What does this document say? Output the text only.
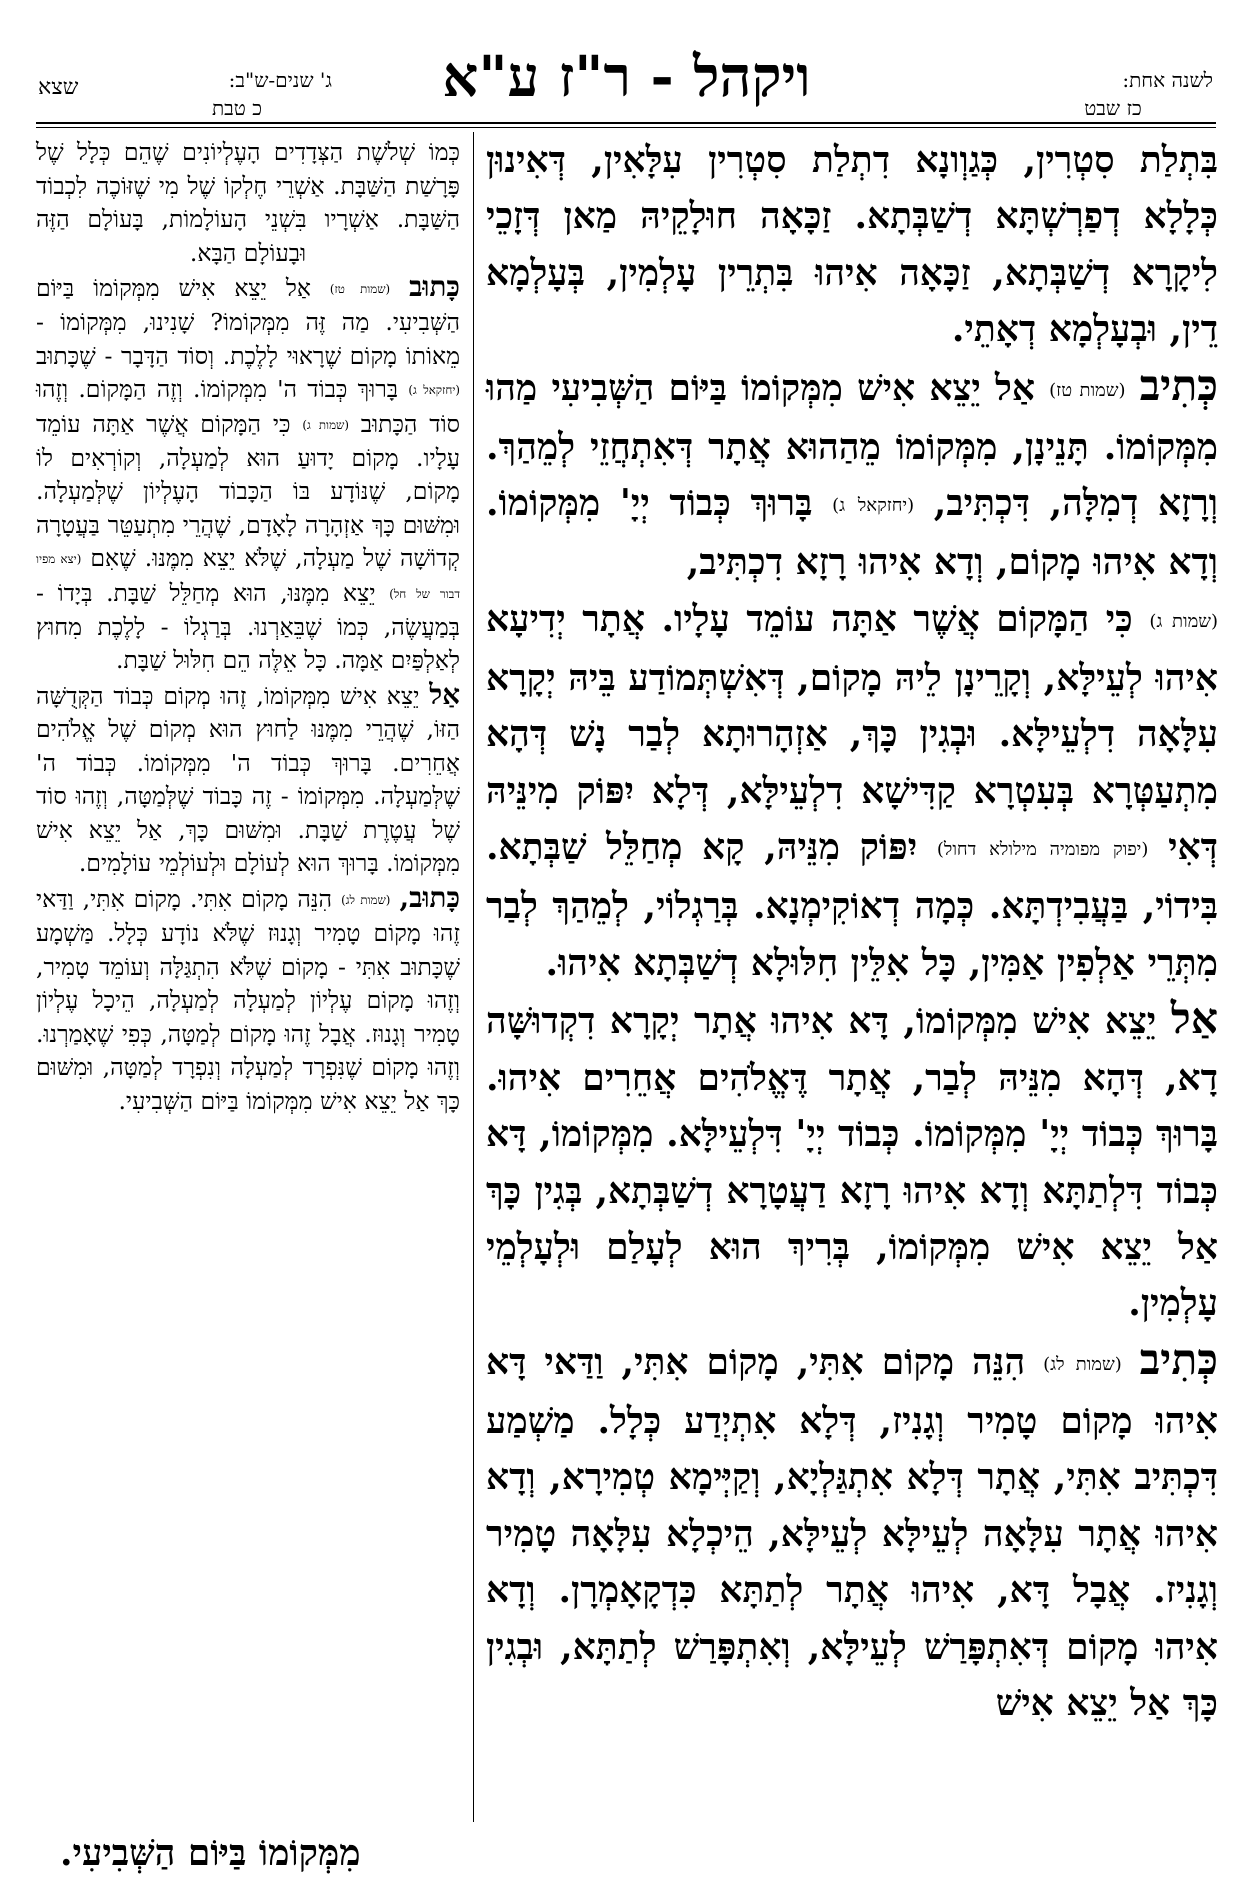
שצא	ג' שנים-ש"ב:
כ טבת	ויקהל - ר"ז ע"א	לשנה אחת:
כז שבט

בִּתְלַת סִטְרִין, כְּגַוְונָא דִתְלַת סִטְרִין עִלָּאִין, דְּאִינוּן כְּלָלָא דְפַרְשְׁתָּא דְשַׁבְּתָא. זַכָּאָה חוּלָקֵיהּ מַאן דְּזָכֵי לִיקָרָא דְשַׁבְּתָא, זַכָּאָה אִיהוּ בִּתְרֵין עָלְמִין, בְּעָלְמָא דֵין, וּבְעָלְמָא דְאָתֵי.

כְּתִיב (שמות טז) אַל יֵצֵא אִישׁ מִמְּקוֹמוֹ בַּיּוֹם הַשְּׁבִיעִי מַהוּ מִמְּקוֹמוֹ. תָּנֵינָן, מִמְּקוֹמוֹ מֵהַהוּא אֲתָר דְּאִתְחֲזֵי לְמֵהַךְ. וְרָזָא דְמִלָּה, דִּכְתִּיב, (יחזקאל ג) בָּרוּךְ כְּבוֹד יְיָ' מִמְּקוֹמוֹ. וְדָא אִיהוּ מָקוֹם, וְדָא אִיהוּ רָזָא דִכְתִּיב,
(שמות ג) כִּי הַמָּקוֹם אֲשֶׁר אַתָּה עוֹמֵד עָלָיו. אֲתָר יְדִיעָא אִיהוּ לְעֵילָּא, וְקָרֵינָן לֵיהּ מָקוֹם, דְּאִשְׁתְּמוֹדַע בֵּיהּ יְקָרָא עִלָּאָה דִלְעֵילָּא. וּבְגִין כָּךְ, אַזְהָרוּתָא לְבַר נָשׁ דְּהָא מִתְעַטְּרָא בְּעִטְרָא קַדִּישָׁא דִלְעֵילָּא, דְּלָא יִפּוֹק מִינֵּיהּ דְּאִי (יפוק מפומיה מילולא דחול) יִפּוֹק מִנֵּיהּ, קָא מְחַלֵּל שַׁבְּתָא. בִּידוֹי, בַּעֲבִידְתָּא. כְּמָה דְאוֹקִימְנָא. בְּרַגְלוֹי, לְמֵהַךְ לְבַר מִתְּרֵי אַלְפִין אַמִּין, כָּל אִלֵּין חִלּוּלָא דְשַׁבְּתָא אִיהוּ.

אַל יֵצֵא אִישׁ מִמְּקוֹמוֹ, דָּא אִיהוּ אֲתָר יְקָרָא דִקְדוּשָּׁה דָא, דְּהָא מִנֵּיהּ לְבַר, אֲתָר דֶּאֱלֹהִים אֲחֵרִים אִיהוּ. בָּרוּךְ כְּבוֹד יְיָ' מִמְּקוֹמוֹ. כְּבוֹד יְיָ' דִּלְעֵילָּא. מִמְּקוֹמוֹ, דָּא כְּבוֹד דִּלְתַתָּא וְדָא אִיהוּ רָזָא דַעֲטָרָא דְשַׁבְּתָא, בְּגִין כָּךְ אַל יֵצֵא אִישׁ מִמְּקוֹמוֹ, בְּרִיךְ הוּא לְעָלַם וּלְעָלְמֵי עָלְמִין.

כְּתִיב (שמות לג) הִנֵּה מָקוֹם אִתִּי, מָקוֹם אִתִּי, וַדַּאי דָּא אִיהוּ מָקוֹם טָמִיר וְגָנִיז, דְּלָא אִתְיְדַע כְּלָל. מַשְׁמַע דִּכְתִּיב אִתִּי, אֲתָר דְּלָא אִתְגַּלְיָא, וְקַיְּימָא טְמִירָא, וְדָא אִיהוּ אֲתָר עִלָּאָה לְעֵילָּא לְעֵילָּא, הֵיכְלָא עִלָּאָה טָמִיר וְגָנִיז. אֲבָל דָּא, אִיהוּ אֲתָר לְתַתָּא כִּדְקָאָמְרָן. וְדָא אִיהוּ מָקוֹם דְּאִתְפָּרַשׁ לְעֵילָּא, וְאִתְפָּרַשׁ לְתַתָּא, וּבְגִין כָּךְ אַל יֵצֵא אִישׁ

כְּמוֹ שְׁלֹשֶׁת הַצְּדָדִים הָעֶלְיוֹנִים שֶׁהֵם כְּלָל שֶׁל פָּרָשַׁת הַשַּׁבָּת. אַשְׁרֵי חֶלְקוֹ שֶׁל מִי שֶׁזּוֹכֶה לִכְבוֹד הַשַּׁבָּת. אַשְׁרָיו בִּשְׁנֵי הָעוֹלָמוֹת, בָּעוֹלָם הַזֶּה וּבָעוֹלָם הַבָּא.

כָּתוּב (שמות טז) אַל יֵצֵא אִישׁ מִמְּקוֹמוֹ בַּיּוֹם הַשְּׁבִיעִי. מַה זֶּה מִמְּקוֹמוֹ? שָׁנִינוּ, מִמְּקוֹמוֹ - מֵאוֹתוֹ מָקוֹם שֶׁרָאוּי לָלֶכֶת. וְסוֹד הַדָּבָר - שֶׁכָּתוּב (יחזקאל ג) בָּרוּךְ כְּבוֹד ה' מִמְּקוֹמוֹ. וְזֶה הַמָּקוֹם. וְזֶהוּ סוֹד הַכָּתוּב (שמות ג) כִּי הַמָּקוֹם אֲשֶׁר אַתָּה עוֹמֵד עָלָיו. מָקוֹם יָדוּעַ הוּא לְמַעְלָה, וְקוֹרְאִים לוֹ מָקוֹם, שֶׁנּוֹדָע בּוֹ הַכָּבוֹד הָעֶלְיוֹן שֶׁלְּמַעְלָה. וּמִשּׁוּם כָּךְ אַזְהָרָה לָאָדָם, שֶׁהֲרֵי מִתְעַטֵּר בַּעֲטָרָה קְדוֹשָׁה שֶׁל מַעְלָה, שֶׁלֹּא יֵצֵא מִמֶּנּוּ. שֶׁאִם (יצא מפיו דבור של חל) יֵצֵא מִמֶּנּוּ, הוּא מְחַלֵּל שַׁבָּת. בְּיָדוֹ - בְּמַעֲשֶׂה, כְּמוֹ שֶׁבֵּאַרְנוּ. בְּרַגְלוֹ - לָלֶכֶת מִחוּץ לְאַלְפַּיִם אַמָּה. כָּל אֵלֶּה הֵם חִלּוּל שַׁבָּת.

אַל יֵצֵא אִישׁ מִמְּקוֹמוֹ, זֶהוּ מְקוֹם כְּבוֹד הַקְּדֻשָּׁה הַזּוֹ, שֶׁהֲרֵי מִמֶּנּוּ לַחוּץ הוּא מְקוֹם שֶׁל אֱלֹהִים אֲחֵרִים. בָּרוּךְ כְּבוֹד ה' מִמְּקוֹמוֹ. כְּבוֹד ה' שֶׁלְּמַעְלָה. מִמְּקוֹמוֹ - זֶה כָּבוֹד שֶׁלְּמַטָּה, וְזֶהוּ סוֹד שֶׁל עֲטֶרֶת שַׁבָּת. וּמִשּׁוּם כָּךְ, אַל יֵצֵא אִישׁ מִמְּקוֹמוֹ. בָּרוּךְ הוּא לְעוֹלָם וּלְעוֹלְמֵי עוֹלָמִים.

כָּתוּב, (שמות לג) הִנֵּה מָקוֹם אִתִּי. מָקוֹם אִתִּי, וַדַּאי זֶהוּ מָקוֹם טָמִיר וְגָנוּז שֶׁלֹּא נוֹדָע כְּלָל. מַּשְׁמָע שֶׁכָּתוּב אִתִּי - מָקוֹם שֶׁלֹּא הִתְגַּלָּה וְעוֹמֵד טָמִיר, וְזֶהוּ מָקוֹם עֶלְיוֹן לְמַעְלָה לְמַעְלָה, הֵיכָל עֶלְיוֹן טָמִיר וְגָנוּז. אֲבָל זֶהוּ מָקוֹם לְמַטָּה, כְּפִי שֶׁאָמַרְנוּ. וְזֶהוּ מָקוֹם שֶׁנִּפְרָד לְמַעְלָה וְנִפְרָד לְמַטָּה, וּמִשּׁוּם כָּךְ אַל יֵצֵא אִישׁ מִמְּקוֹמוֹ בַּיּוֹם הַשְּׁבִיעִי.

מִמְּקוֹמוֹ בַּיּוֹם הַשְּׁבִיעִי.
